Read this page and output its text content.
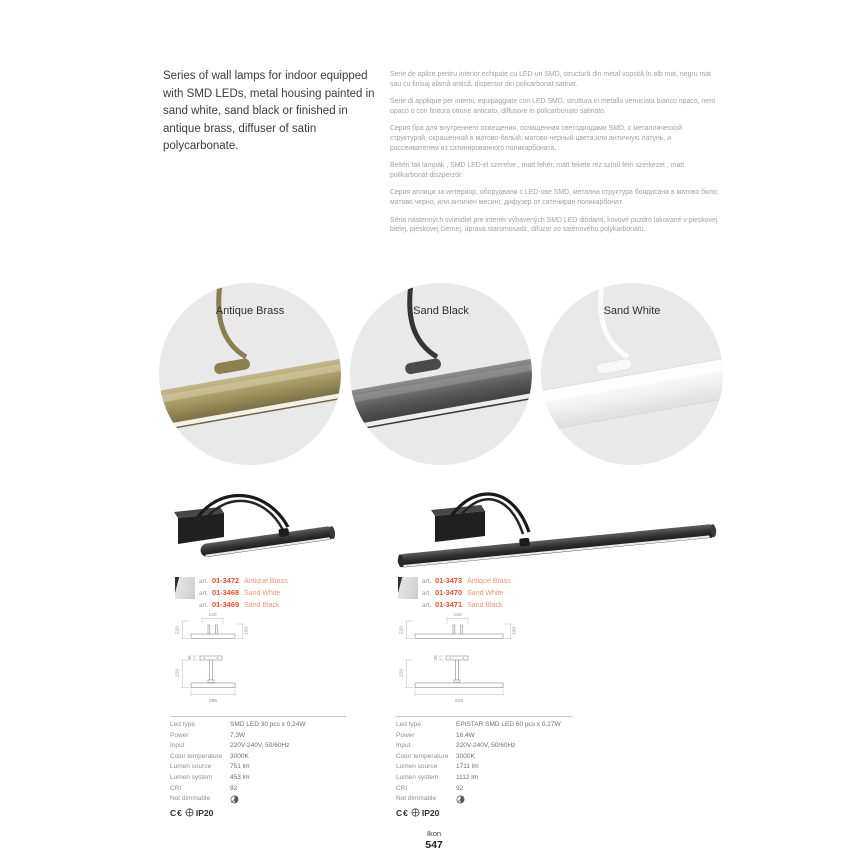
Series of wall lamps for indoor equipped with SMD LEDs, metal housing painted in sand white, sand black or finished in antique brass, diffuser of satin polycarbonate.

Serie de aplice pentru interior echipate cu LED-uri SMD, structură din metal vopsită în alb mat, negru mat sau cu finisaj alamă antică, dispersor din policarbonat satinat.

Serie di applique per interni, equipaggiate con LED SMD, struttura in metallo verniciata bianco opaco, nero opaco o con finitura ottone anticato, diffusore in policarbonato satinato.

Серия бра для внутреннего освещения, оснащенная светодиодами SMD, с металлической структурой, окрашенной в матово-белый, матово-черный цвета,или античную латунь, и рассеивателем из сатинированного поликарбоната.

Beltéri fali lámpák , SMD LED-el szerelve , matt fehér, matt fekete réz színű fém szerkezet , matt polikarbonát diszperzór.

Серия аплици за интериор, оборудвани с LED-ове SMD, метална структура боядисана в матово бяло, матово черно, или античен месинг, дифузер от сатениран поликарбонат.

Séria nástenných svietidiel pre interiér vybavených SMD LED diódami, kovové puzdro lakované v pieskovej bielej, pieskovej čiernej, úprava staromosadz, difúzor zo saténového polykarbonátu.

Antique Brass	Sand Black	Sand White
art. 01-3472 Antique Brass
art. 01-3468 Sand White
art. 01-3469 Sand Black
140
220	100
35
220
295
Led type	SMD LED 30 pcs x 0,24W
Power	7,3W
Input	220V-240V, 50/60Hz
Color temperature	3000K
Lumen source	751 lm
Lumen system	453 lm
CRI	92
Not dimmable
C€ IP20
art. 01-3473 Antique Brass
art. 01-3470 Sand White
art. 01-3471 Sand Black
140
220	100
35
220
615
Led type	EPISTAR SMD LED 60 pcs x 0,27W
Power	16,4W
Input	220V-240V, 50/60Hz
Color temperature	3000K
Lumen source	1711 lm
Lumen system	1112 lm
CRI	92
Not dimmable
C€ IP20
Ikon
547
